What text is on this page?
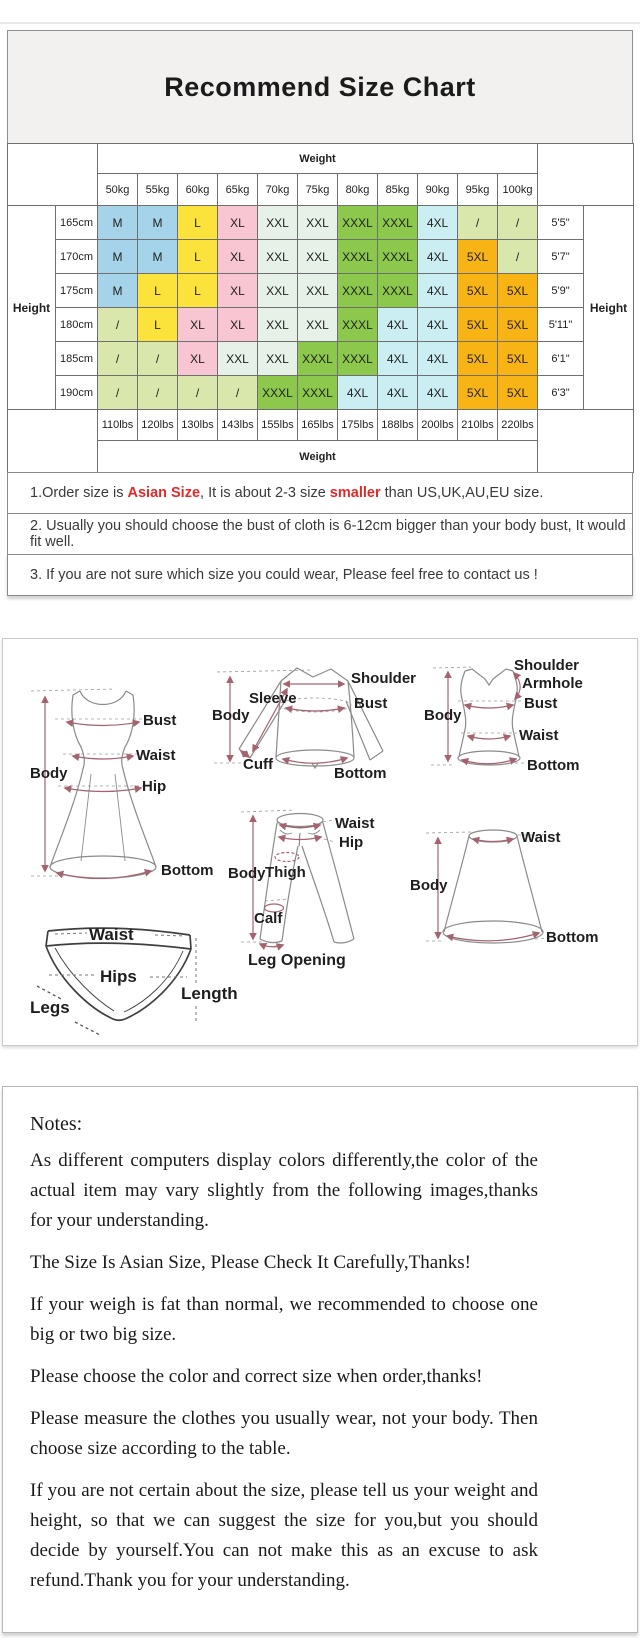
Recommend Size Chart
		Weight												
		50kg	55kg	60kg	65kg	70kg	75kg	80kg	85kg	90kg	95kg	100kg		
Height	165cm	M	M	L	XL	XXL	XXL	XXXL	XXXL	4XL	/	/	5'5"	Height
	170cm	M	M	L	XL	XXL	XXL	XXXL	XXXL	4XL	5XL	/	5'7"	
	175cm	M	L	L	XL	XXL	XXL	XXXL	XXXL	4XL	5XL	5XL	5'9"	
	180cm	/	L	XL	XL	XXL	XXL	XXXL	4XL	4XL	5XL	5XL	5'11"	
	185cm	/	/	XL	XXL	XXL	XXXL	XXXL	4XL	4XL	5XL	5XL	6'1"	
	190cm	/	/	/	/	XXXL	XXXL	4XL	4XL	4XL	5XL	5XL	6'3"	
		110lbs	120lbs	130lbs	143lbs	155lbs	165lbs	175lbs	188lbs	200lbs	210lbs	220lbs		
		Weight												
1.Order size is Asian Size, It is about 2-3 size smaller than US,UK,AU,EU size.
2. Usually you should choose the bust of cloth is 6-12cm bigger than your body bust, It would fit well.
3. If you are not sure which size you could wear, Please feel free to contact us !
Bust
Waist
Hip
Body
Bottom
Shoulder
Sleeve
Body
Bust
Cuff
Bottom
Shoulder
Armhole
Body
Bust
Waist
Bottom
Waist
Hip
Body Thigh
Calf
Leg Opening
Waist
Body
Bottom
Waist
Hips
Legs
Length
Notes:

As different computers display colors differently,the color of the actual item may vary slightly from the following images,thanks for your understanding.

The Size Is Asian Size, Please Check It Carefully,Thanks!

If your weigh is fat than normal, we recommended to choose one big or two big size.

Please choose the color and correct size when order,thanks!

Please measure the clothes you usually wear, not your body. Then choose size according to the table.

If you are not certain about the size, please tell us your weight and height, so that we can suggest the size for you,but you should decide by yourself.You can not make this as an excuse to ask refund.Thank you for your understanding.
